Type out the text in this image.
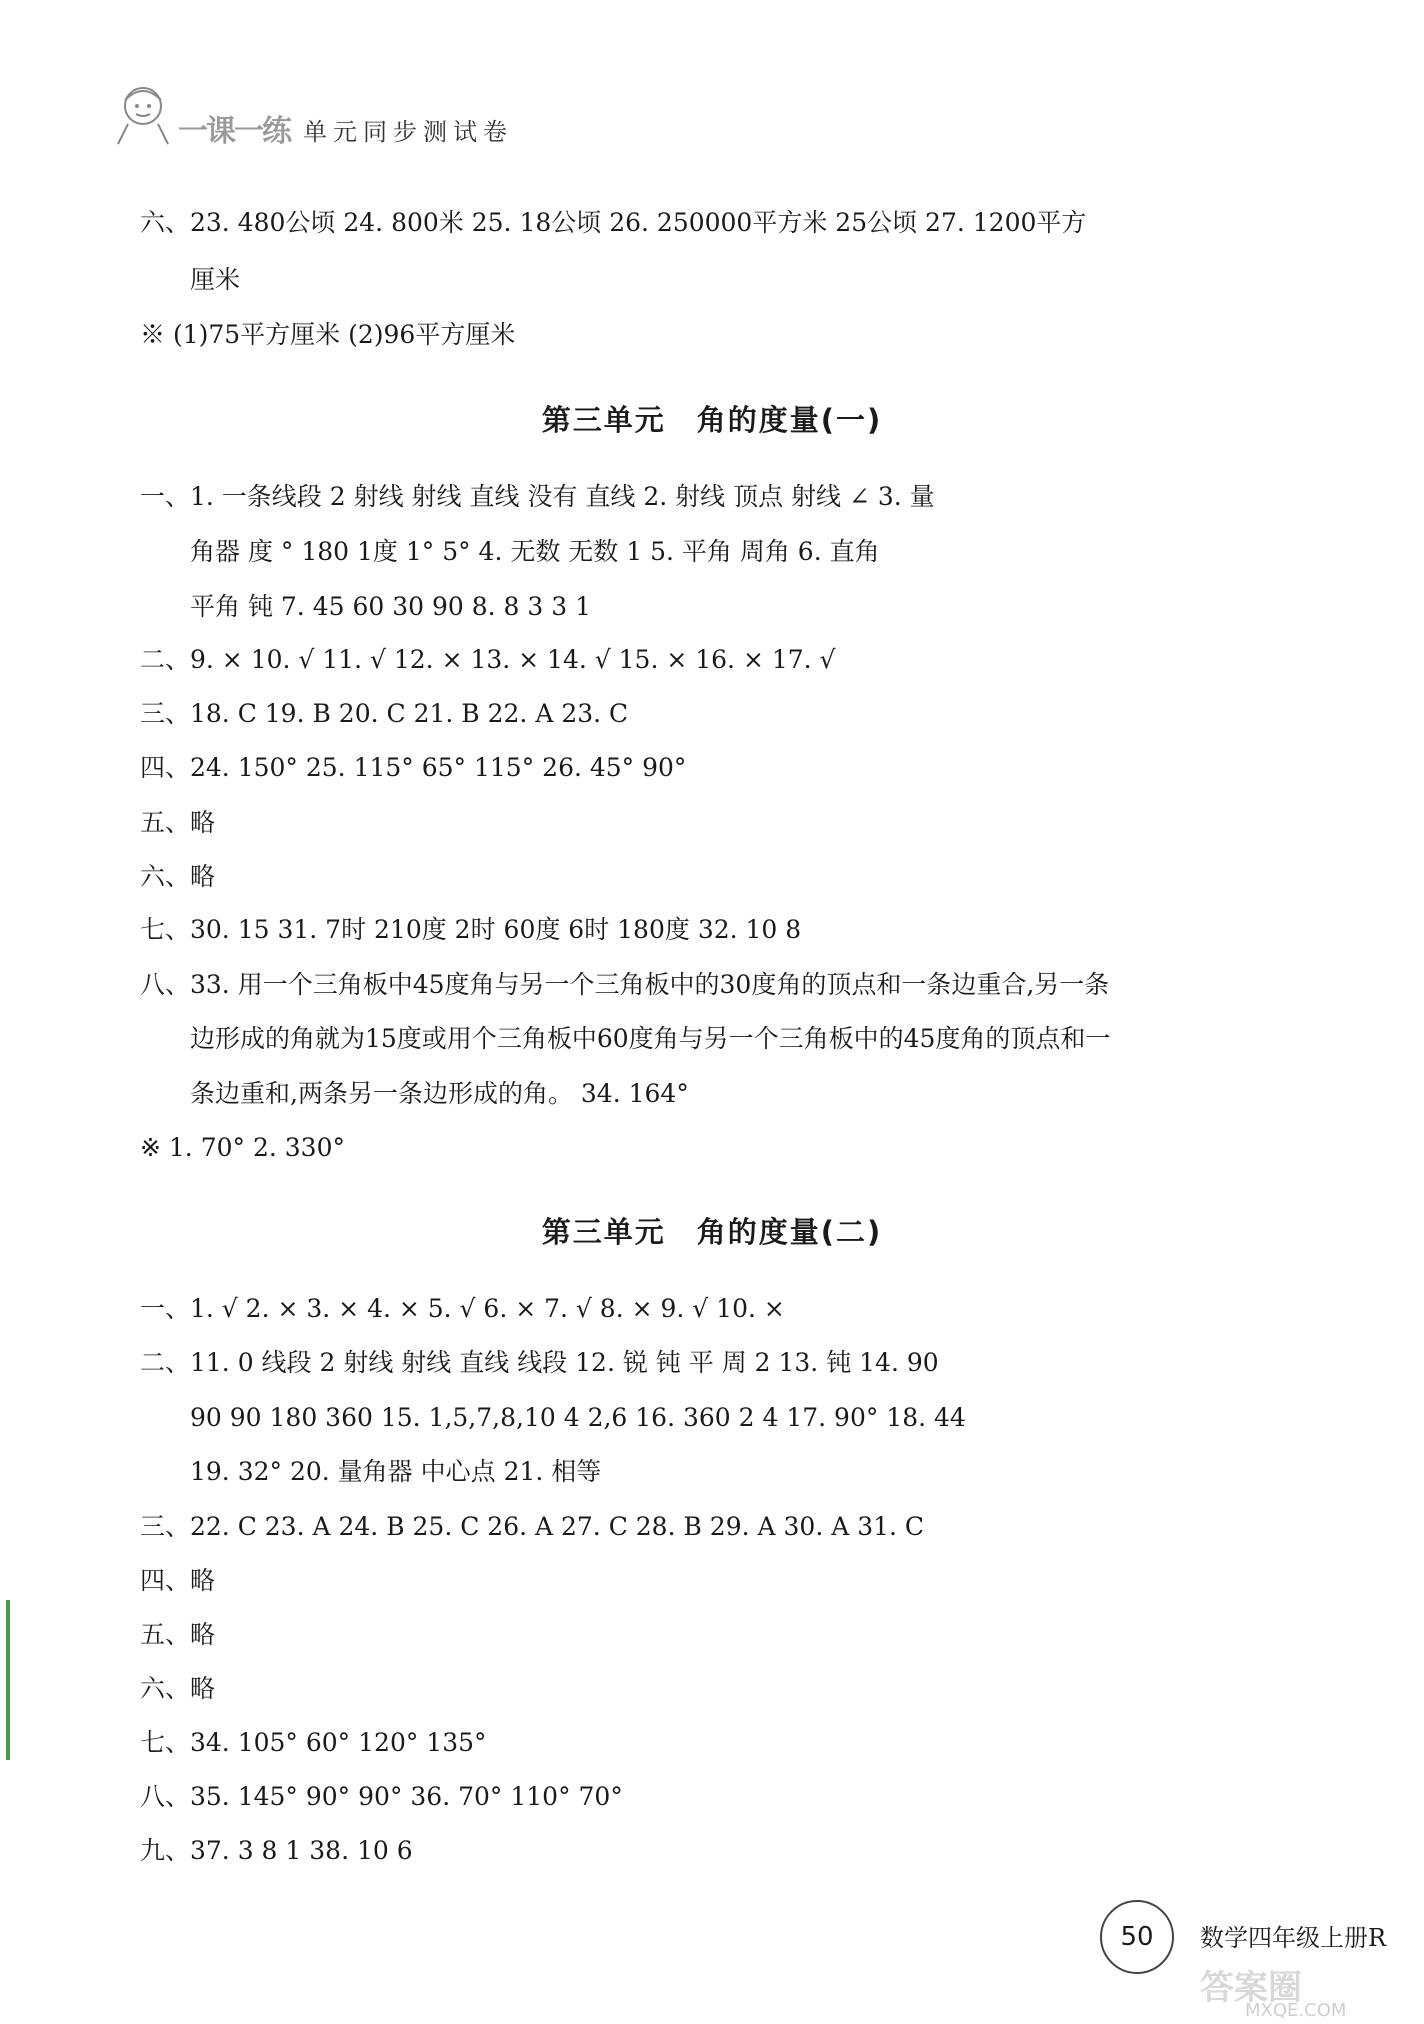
一课一练 单元同步测试卷
六、23. 480公顷 24. 800米 25. 18公顷 26. 250000平方米 25公顷 27. 1200平方
厘米
※ (1)75平方厘米 (2)96平方厘米
第三单元　角的度量(一)
一、1. 一条线段 2 射线 射线 直线 没有 直线 2. 射线 顶点 射线 ∠ 3. 量
角器 度 ° 180 1度 1° 5° 4. 无数 无数 1 5. 平角 周角 6. 直角
平角 钝 7. 45 60 30 90 8. 8 3 3 1
二、9. × 10. √ 11. √ 12. × 13. × 14. √ 15. × 16. × 17. √
三、18. C 19. B 20. C 21. B 22. A 23. C
四、24. 150° 25. 115° 65° 115° 26. 45° 90°
五、略
六、略
七、30. 15 31. 7时 210度 2时 60度 6时 180度 32. 10 8
八、33. 用一个三角板中45度角与另一个三角板中的30度角的顶点和一条边重合,另一条
边形成的角就为15度或用个三角板中60度角与另一个三角板中的45度角的顶点和一
条边重和,两条另一条边形成的角。 34. 164°
※ 1. 70° 2. 330°
第三单元　角的度量(二)
一、1. √ 2. × 3. × 4. × 5. √ 6. × 7. √ 8. × 9. √ 10. ×
二、11. 0 线段 2 射线 射线 直线 线段 12. 锐 钝 平 周 2 13. 钝 14. 90
90 90 180 360 15. 1,5,7,8,10 4 2,6 16. 360 2 4 17. 90° 18. 44
19. 32° 20. 量角器 中心点 21. 相等
三、22. C 23. A 24. B 25. C 26. A 27. C 28. B 29. A 30. A 31. C
四、略
五、略
六、略
七、34. 105° 60° 120° 135°
八、35. 145° 90° 90° 36. 70° 110° 70°
九、37. 3 8 1 38. 10 6
50	数学四年级上册R
答案圈
MXQE.COM
